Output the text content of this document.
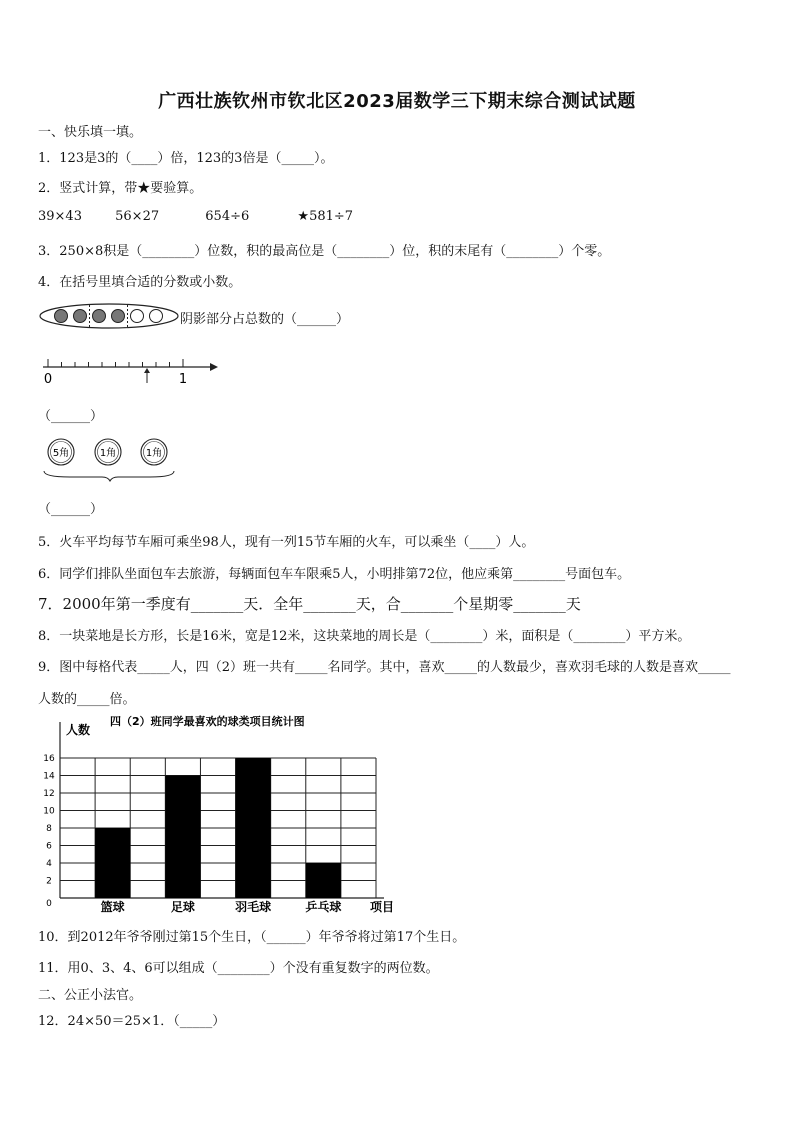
广西壮族钦州市钦北区2023届数学三下期末综合测试试题
一、快乐填一填。
1．123是3的（____）倍，123的3倍是（_____）。
2．竖式计算，带★要验算。
39×43	56×27	654÷6	★581÷7
3．250×8积是（________）位数，积的最高位是（________）位，积的末尾有（________）个零。
4．在括号里填合适的分数或小数。
阴影部分占总数的（______）
0	1
（______）
5角	1角	1角
（______）
5．火车平均每节车厢可乘坐98人，现有一列15节车厢的火车，可以乘坐（____）人。
6．同学们排队坐面包车去旅游，每辆面包车车限乘5人，小明排第72位，他应乘第________号面包车。
7．2000年第一季度有_______天．全年_______天，合_______个星期零_______天
8．一块菜地是长方形，长是16米，宽是12米，这块菜地的周长是（________）米，面积是（________）平方米。
9．图中每格代表_____人，四（2）班一共有_____名同学。其中，喜欢_____的人数最少，喜欢羽毛球的人数是喜欢_____
人数的_____倍。
四（2）班同学最喜欢的球类项目统计图
人数
0
2
4
6
8
10
12
14
16
篮球	足球	羽毛球	乒乓球 项目
10．到2012年爷爷刚过第15个生日，（______）年爷爷将过第17个生日。
11．用0、3、4、6可以组成（________）个没有重复数字的两位数。
二、公正小法官。
12．24×50＝25×1．（_____）
